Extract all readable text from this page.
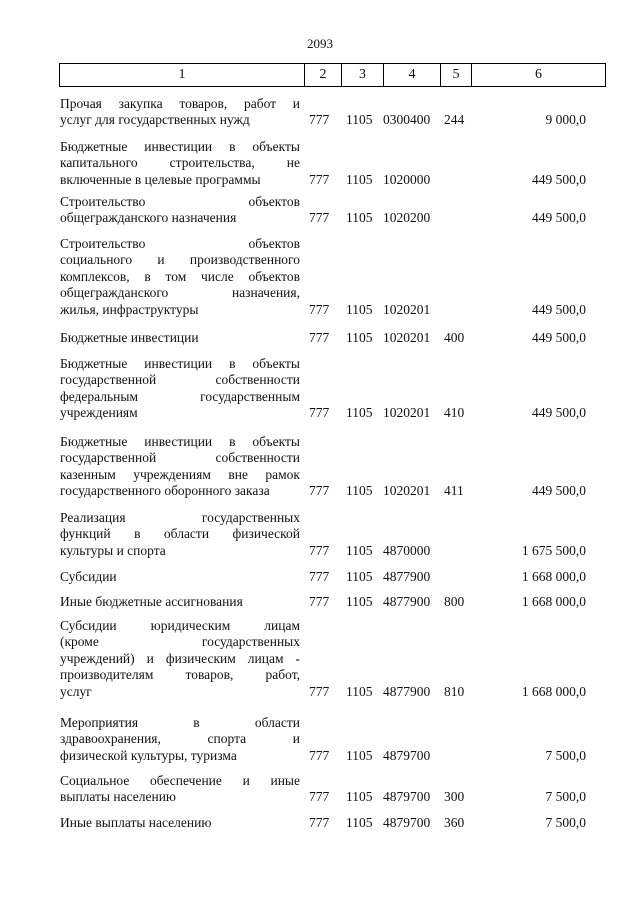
2093
1	2	3	4	5	6
Прочая закупка товаров, работ и
услуг для государственных нужд	777 1105 0300400 244	9 000,0
Бюджетные инвестиции в объекты
капитального строительства, не
включенные в целевые программы	777 1105 1020000	449 500,0
Строительство объектов
общегражданского назначения	777 1105 1020200	449 500,0
Строительство объектов
социального и производственного
комплексов, в том числе объектов
общегражданского назначения,
жилья, инфраструктуры	777 1105 1020201	449 500,0
Бюджетные инвестиции	777 1105 1020201 400	449 500,0
Бюджетные инвестиции в объекты
государственной собственности
федеральным государственным
учреждениям	777 1105 1020201 410	449 500,0
Бюджетные инвестиции в объекты
государственной собственности
казенным учреждениям вне рамок
государственного оборонного заказа	777 1105 1020201 411	449 500,0
Реализация государственных
функций в области физической
культуры и спорта	777 1105 4870000	1 675 500,0
Субсидии	777 1105 4877900	1 668 000,0
Иные бюджетные ассигнования	777 1105 4877900 800	1 668 000,0
Субсидии юридическим лицам
(кроме государственных
учреждений) и физическим лицам -
производителям товаров, работ,
услуг	777 1105 4877900 810	1 668 000,0
Мероприятия в области
здравоохранения, спорта и
физической культуры, туризма	777 1105 4879700	7 500,0
Социальное обеспечение и иные
выплаты населению	777 1105 4879700 300	7 500,0
Иные выплаты населению	777 1105 4879700 360	7 500,0
